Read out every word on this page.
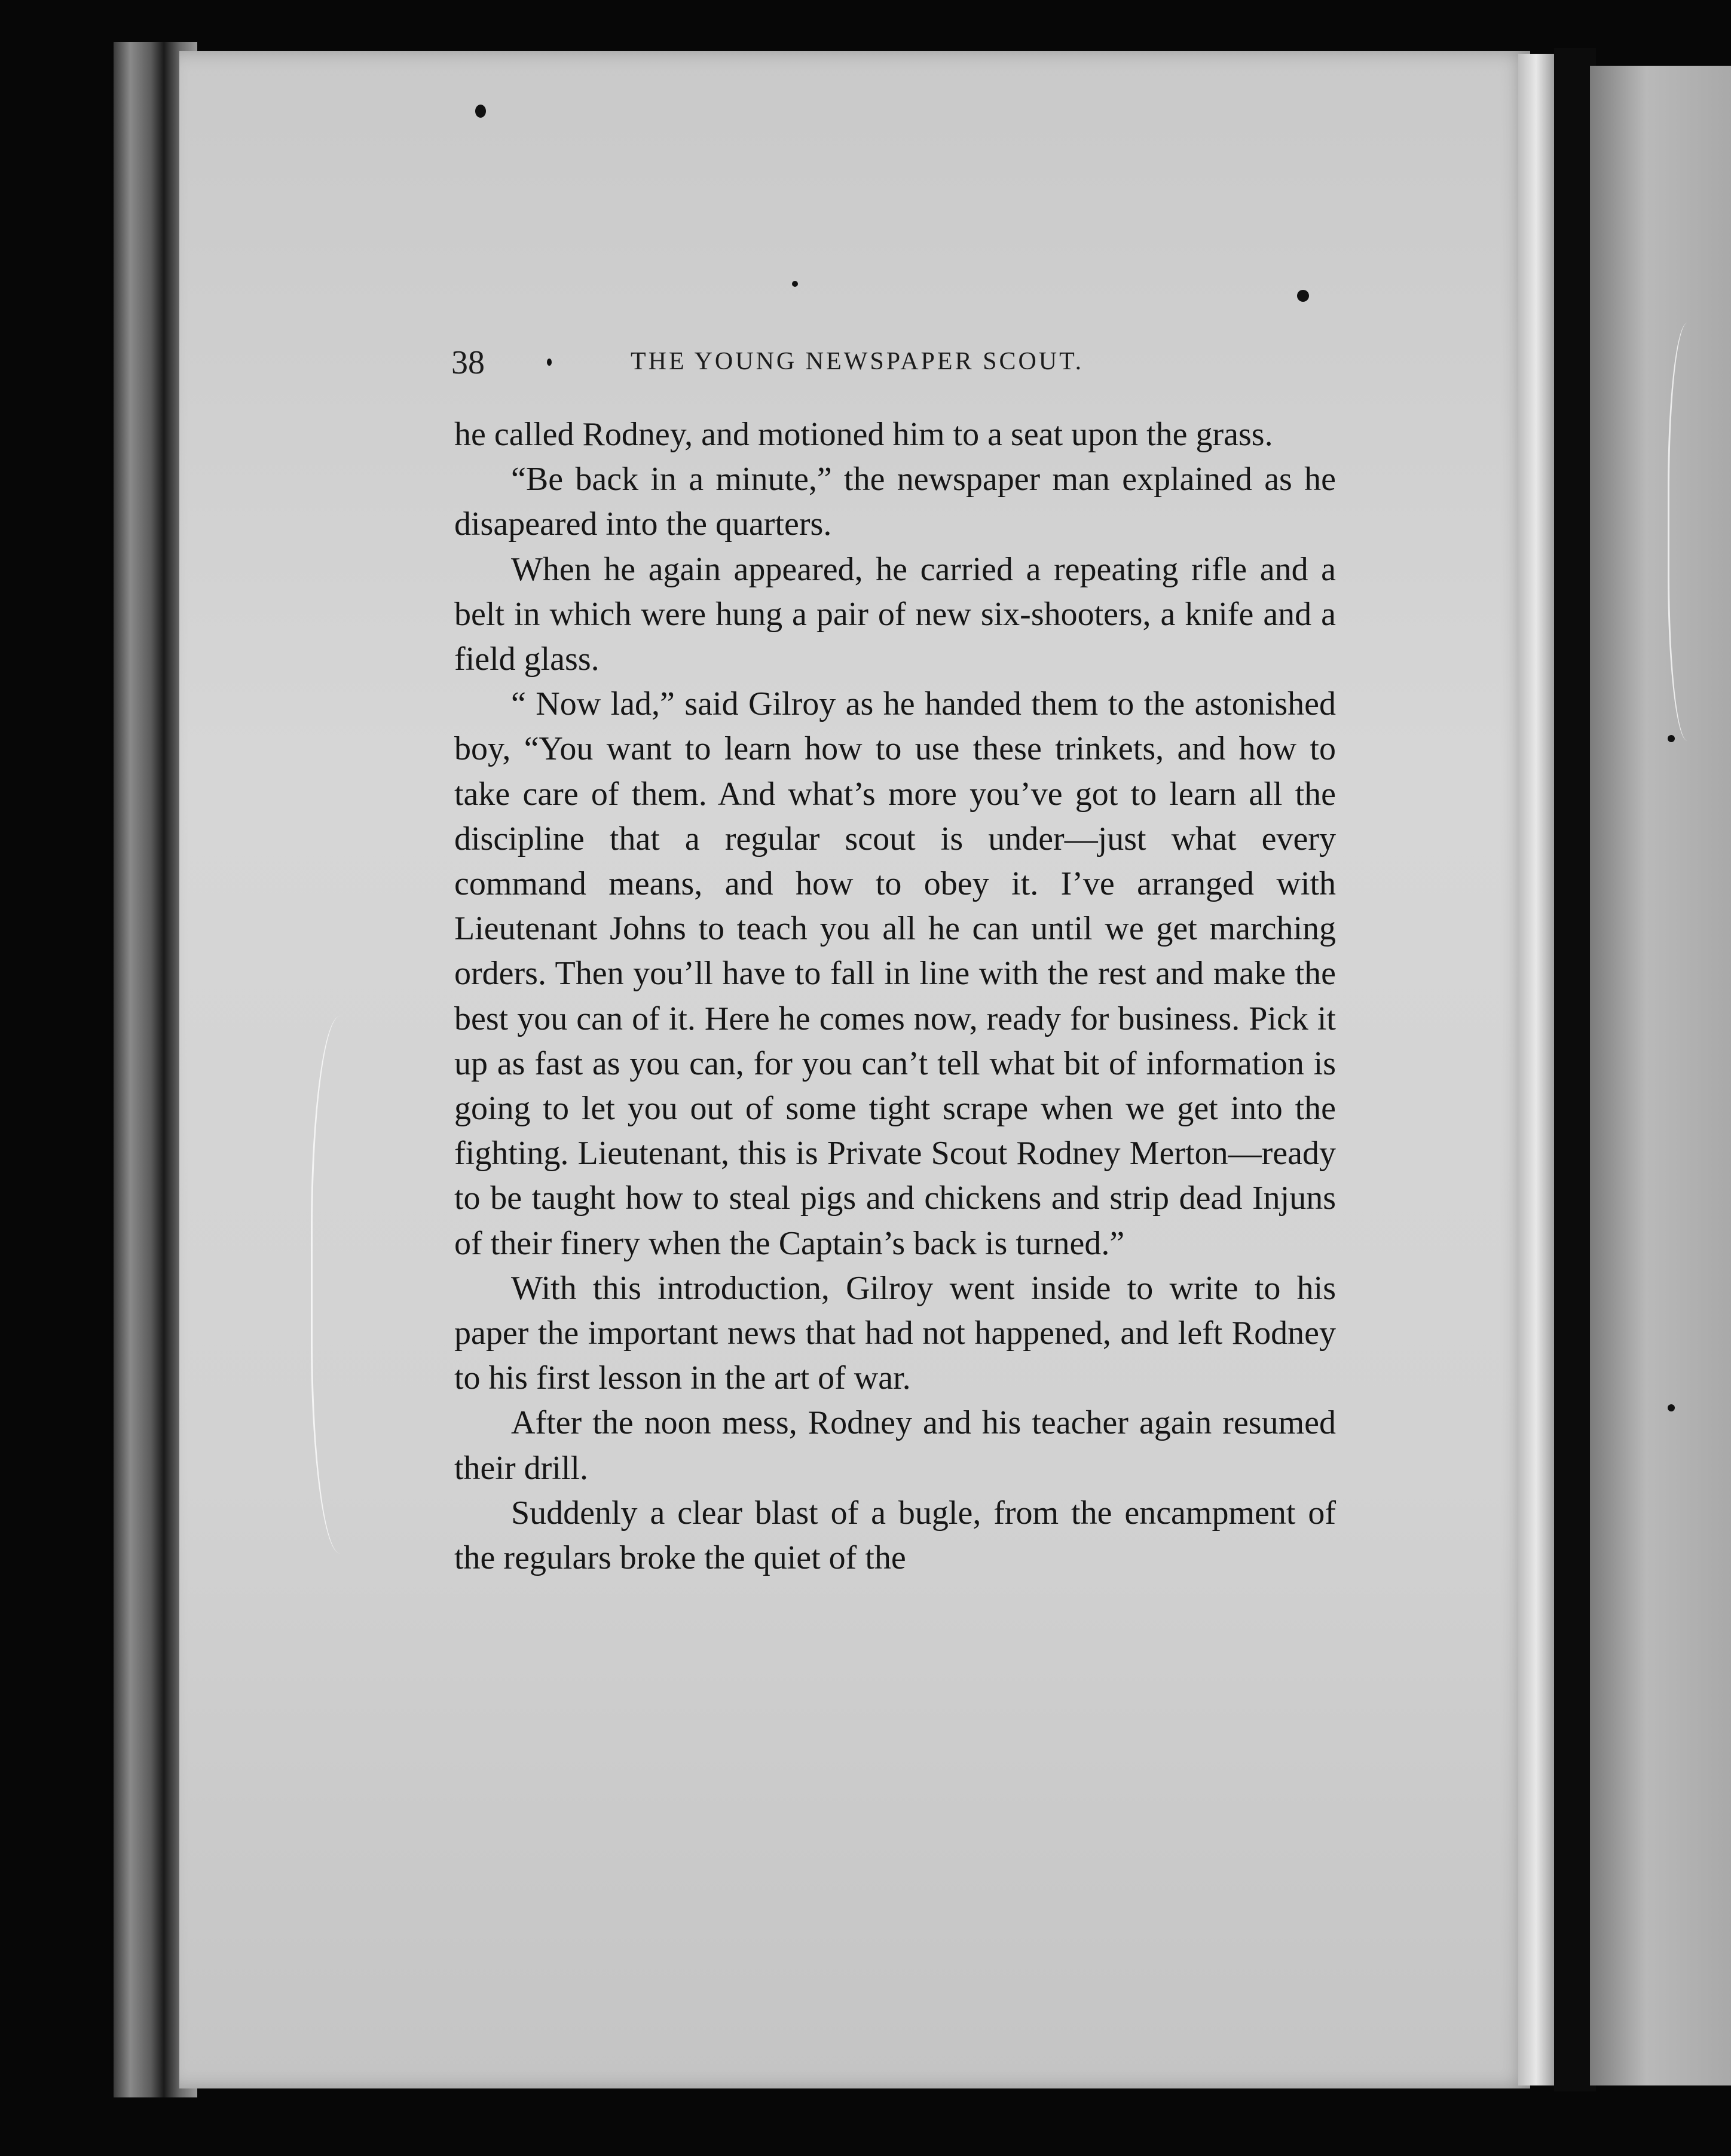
38	THE YOUNG NEWSPAPER SCOUT.

he called Rodney, and motioned him to a seat upon the grass.

“Be back in a minute,” the newspaper man explained as he disapeared into the quarters.

When he again appeared, he carried a repeating rifle and a belt in which were hung a pair of new six-shooters, a knife and a field glass.

“ Now lad,” said Gilroy as he handed them to the astonished boy, “You want to learn how to use these trinkets, and how to take care of them. And what’s more you’ve got to learn all the discipline that a regular scout is under—just what every command means, and how to obey it. I’ve arranged with Lieutenant Johns to teach you all he can until we get marching orders. Then you’ll have to fall in line with the rest and make the best you can of it. Here he comes now, ready for business. Pick it up as fast as you can, for you can’t tell what bit of information is going to let you out of some tight scrape when we get into the fighting. Lieutenant, this is Private Scout Rodney Merton—ready to be taught how to steal pigs and chickens and strip dead Injuns of their finery when the Captain’s back is turned.”

With this introduction, Gilroy went inside to write to his paper the important news that had not happened, and left Rodney to his first lesson in the art of war.

After the noon mess, Rodney and his teacher again resumed their drill.

Suddenly a clear blast of a bugle, from the encampment of the regulars broke the quiet of the
